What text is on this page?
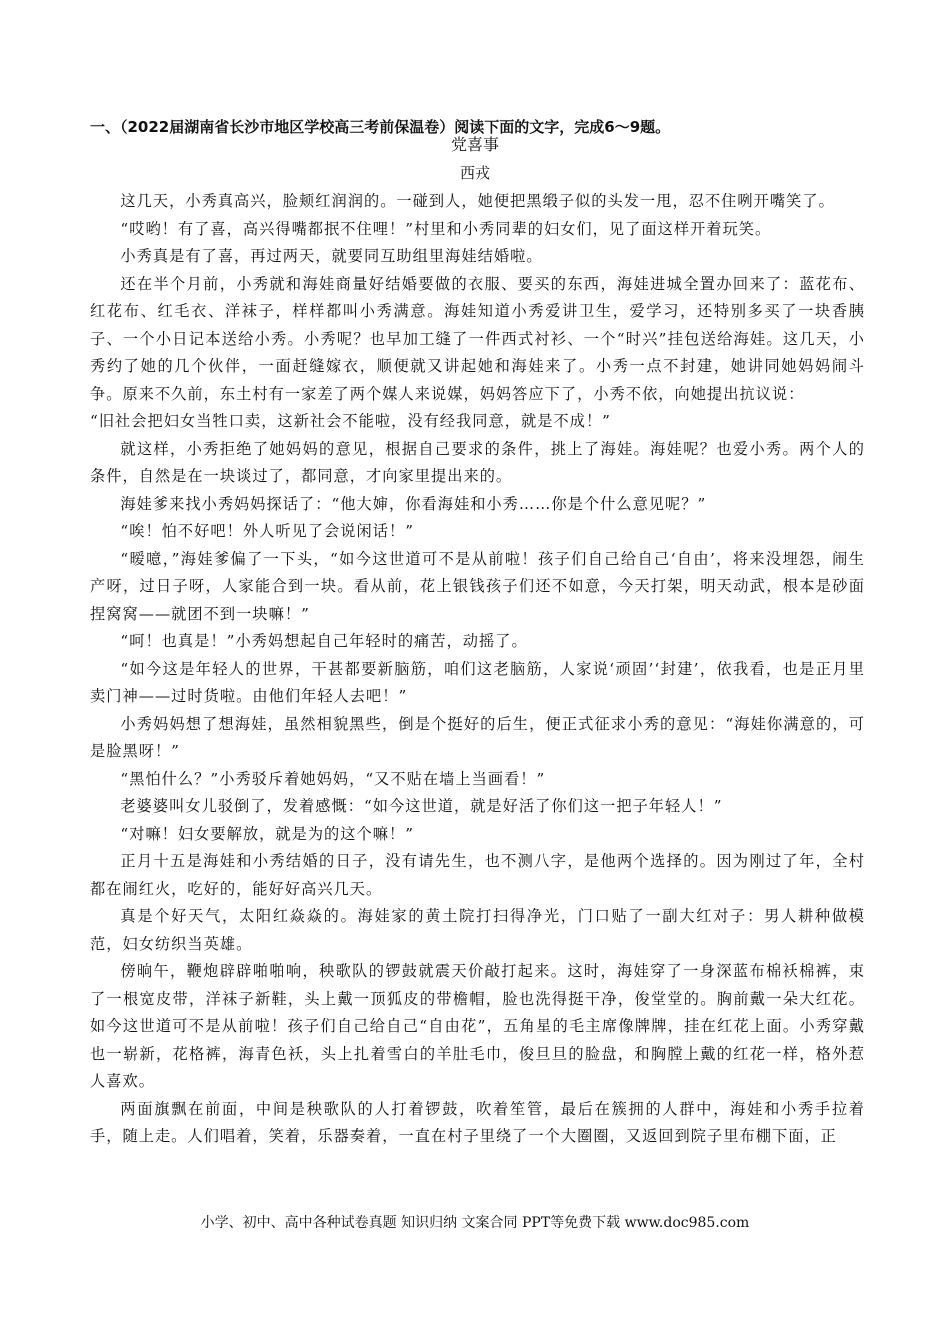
一、（2022届湖南省长沙市地区学校高三考前保温卷）阅读下面的文字，完成6～9题。
党喜事
西戎

这几天，小秀真高兴，脸颊红润润的。一碰到人，她便把黑缎子似的头发一甩，忍不住咧开嘴笑了。

“哎哟！有了喜，高兴得嘴都抿不住哩！”村里和小秀同辈的妇女们，见了面这样开着玩笑。

小秀真是有了喜，再过两天，就要同互助组里海娃结婚啦。

还在半个月前，小秀就和海娃商量好结婚要做的衣服、要买的东西，海娃进城全置办回来了：蓝花布、红花布、红毛衣、洋袜子，样样都叫小秀满意。海娃知道小秀爱讲卫生，爱学习，还特别多买了一块香胰子、一个小日记本送给小秀。小秀呢？也早加工缝了一件西式衬衫、一个“时兴”挂包送给海娃。这几天，小秀约了她的几个伙伴，一面赶缝嫁衣，顺便就又讲起她和海娃来了。小秀一点不封建，她讲同她妈妈闹斗争。原来不久前，东土村有一家差了两个媒人来说媒，妈妈答应下了，小秀不依，向她提出抗议说：

“旧社会把妇女当牲口卖，这新社会不能啦，没有经我同意，就是不成！”

就这样，小秀拒绝了她妈妈的意见，根据自己要求的条件，挑上了海娃。海娃呢？也爱小秀。两个人的条件，自然是在一块谈过了，都同意，才向家里提出来的。

海娃爹来找小秀妈妈探话了：“他大婶，你看海娃和小秀……你是个什么意见呢？”

“唉！怕不好吧！外人听见了会说闲话！”

“暧噫，”海娃爹偏了一下头，“如今这世道可不是从前啦！孩子们自己给自己‘自由’，将来没埋怨，闹生产呀，过日子呀，人家能合到一块。看从前，花上银钱孩子们还不如意，今天打架，明天动武，根本是砂面捏窝窝——就团不到一块嘛！”

“呵！也真是！”小秀妈想起自己年轻时的痛苦，动摇了。

“如今这是年轻人的世界，干甚都要新脑筋，咱们这老脑筋，人家说‘顽固’‘封建’，依我看，也是正月里卖门神——过时货啦。由他们年轻人去吧！”

小秀妈妈想了想海娃，虽然相貌黑些，倒是个挺好的后生，便正式征求小秀的意见：“海娃你满意的，可是脸黑呀！”

“黑怕什么？”小秀驳斥着她妈妈，“又不贴在墙上当画看！”

老婆婆叫女儿驳倒了，发着感慨：“如今这世道，就是好活了你们这一把子年轻人！”

“对嘛！妇女要解放，就是为的这个嘛！”

正月十五是海娃和小秀结婚的日子，没有请先生，也不测八字，是他两个选择的。因为刚过了年，全村都在闹红火，吃好的，能好好高兴几天。

真是个好天气，太阳红焱焱的。海娃家的黄土院打扫得净光，门口贴了一副大红对子：男人耕种做模范，妇女纺织当英雄。

傍晌午，鞭炮辟辟啪啪响，秧歌队的锣鼓就震天价敲打起来。这时，海娃穿了一身深蓝布棉袄棉裤，束了一根宽皮带，洋袜子新鞋，头上戴一顶狐皮的带檐帽，脸也洗得挺干净，俊堂堂的。胸前戴一朵大红花。如今这世道可不是从前啦！孩子们自己给自己“自由花”，五角星的毛主席像牌牌，挂在红花上面。小秀穿戴也一崭新，花格裤，海青色袄，头上扎着雪白的羊肚毛巾，俊旦旦的脸盘，和胸膛上戴的红花一样，格外惹人喜欢。

两面旗飘在前面，中间是秧歌队的人打着锣鼓，吹着笙管，最后在簇拥的人群中，海娃和小秀手拉着手，随上走。人们唱着，笑着，乐器奏着，一直在村子里绕了一个大圈圈，又返回到院子里布棚下面，正

小学、初中、高中各种试卷真题 知识归纳 文案合同 PPT等免费下载 www.doc985.com
